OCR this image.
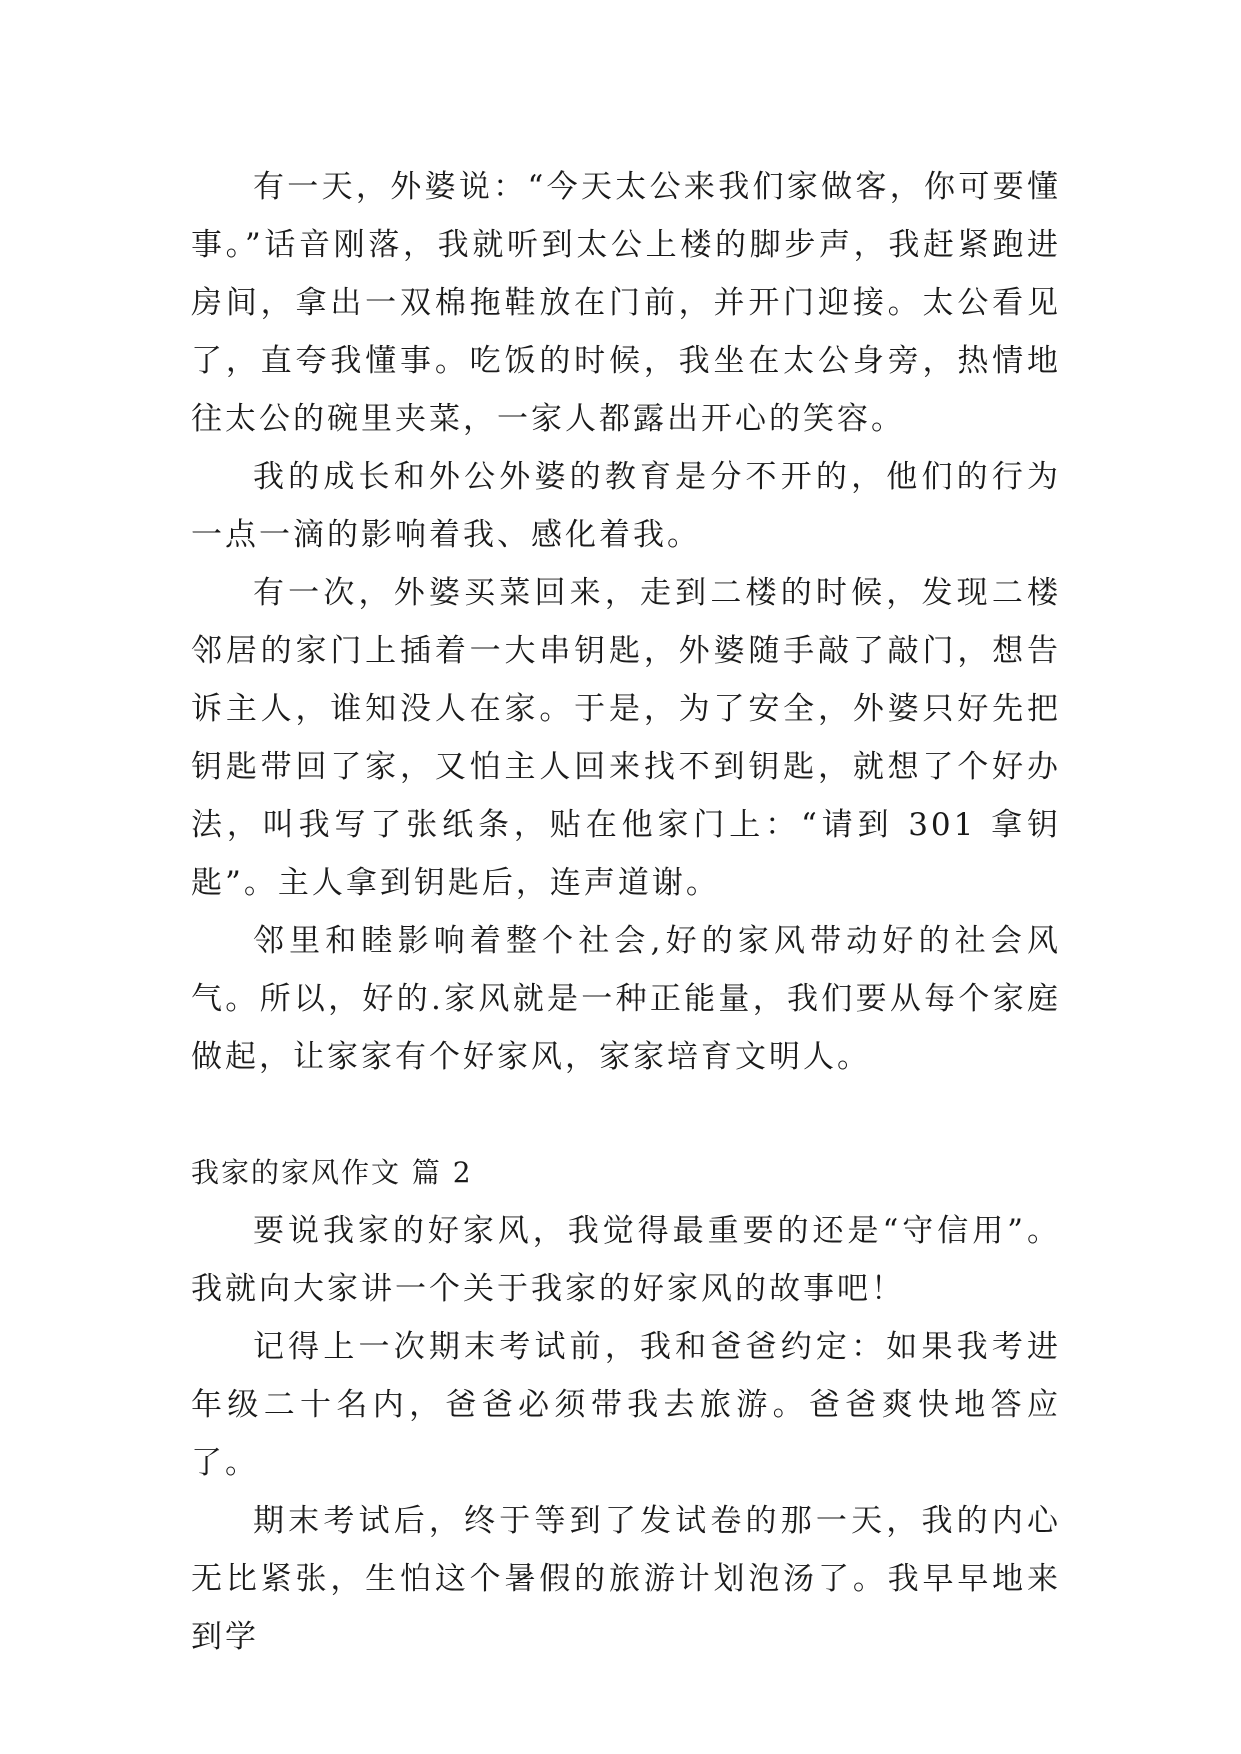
有一天，外婆说：“今天太公来我们家做客，你可要懂事。”话音刚落，我就听到太公上楼的脚步声，我赶紧跑进房间，拿出一双棉拖鞋放在门前，并开门迎接。太公看见了，直夸我懂事。吃饭的时候，我坐在太公身旁，热情地往太公的碗里夹菜，一家人都露出开心的笑容。

我的成长和外公外婆的教育是分不开的，他们的行为一点一滴的影响着我、感化着我。

有一次，外婆买菜回来，走到二楼的时候，发现二楼邻居的家门上插着一大串钥匙，外婆随手敲了敲门，想告诉主人，谁知没人在家。于是，为了安全，外婆只好先把钥匙带回了家，又怕主人回来找不到钥匙，就想了个好办法，叫我写了张纸条，贴在他家门上：“请到 301 拿钥匙”。主人拿到钥匙后，连声道谢。

邻里和睦影响着整个社会,好的家风带动好的社会风气。所以，好的.家风就是一种正能量，我们要从每个家庭做起，让家家有个好家风，家家培育文明人。

我家的家风作文 篇 2

要说我家的好家风，我觉得最重要的还是“守信用”。我就向大家讲一个关于我家的好家风的故事吧！

记得上一次期末考试前，我和爸爸约定：如果我考进年级二十名内，爸爸必须带我去旅游。爸爸爽快地答应了。

期末考试后，终于等到了发试卷的那一天，我的内心无比紧张，生怕这个暑假的旅游计划泡汤了。我早早地来到学
